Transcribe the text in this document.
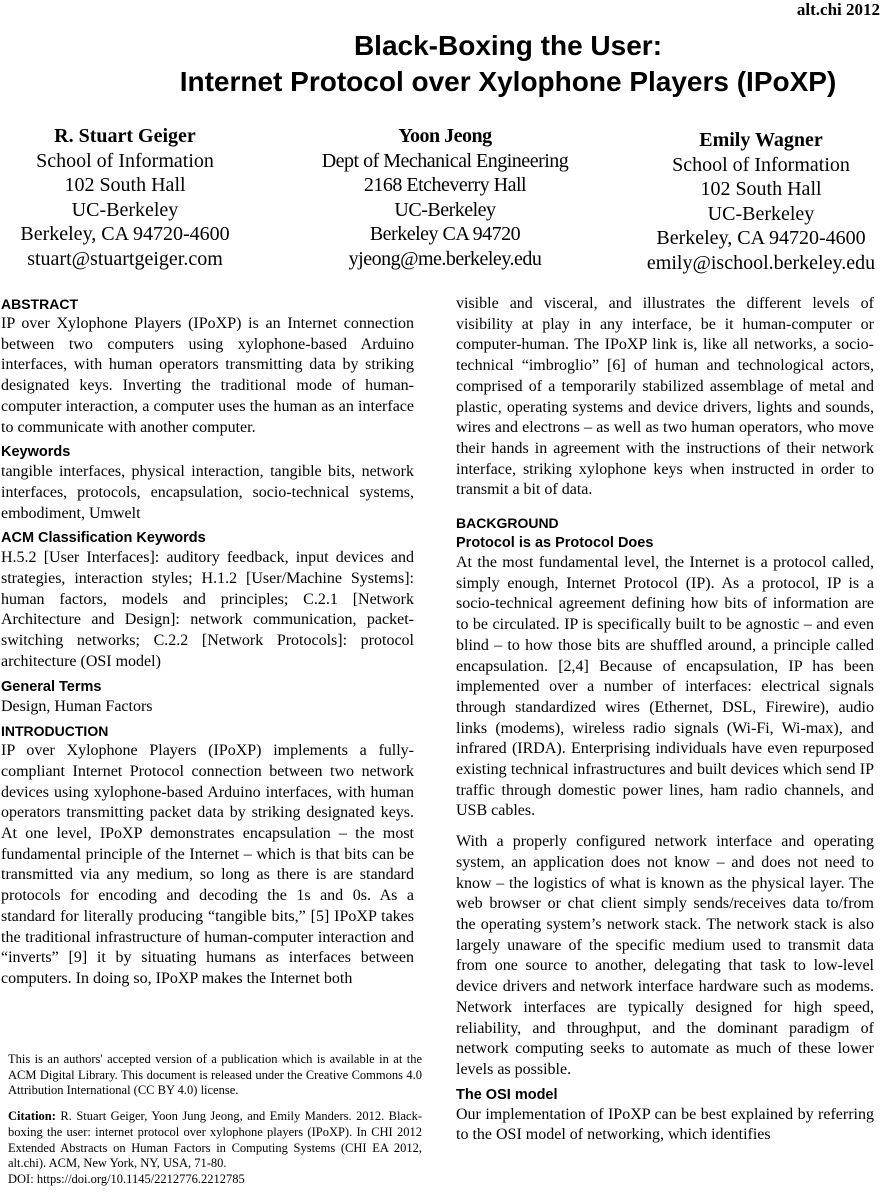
alt.chi 2012
Black-Boxing the User:
Internet Protocol over Xylophone Players (IPoXP)
R. Stuart Geiger
School of Information
102 South Hall
UC-Berkeley
Berkeley, CA 94720-4600
stuart@stuartgeiger.com
Yoon Jeong
Dept of Mechanical Engineering
2168 Etcheverry Hall
UC-Berkeley
Berkeley CA 94720
yjeong@me.berkeley.edu
Emily Wagner
School of Information
102 South Hall
UC-Berkeley
Berkeley, CA 94720-4600
emily@ischool.berkeley.edu
ABSTRACT

IP over Xylophone Players (IPoXP) is an Internet connection between two computers using xylophone-based Arduino interfaces, with human operators transmitting data by striking designated keys. Inverting the traditional mode of human-computer interaction, a computer uses the human as an interface to communicate with another computer.

Keywords

tangible interfaces, physical interaction, tangible bits, network interfaces, protocols, encapsulation, socio-technical systems, embodiment, Umwelt

ACM Classification Keywords

H.5.2 [User Interfaces]: auditory feedback, input devices and strategies, interaction styles; H.1.2 [User/Machine Systems]: human factors, models and principles; C.2.1 [Network Architecture and Design]: network communication, packet-switching networks; C.2.2 [Network Protocols]: protocol architecture (OSI model)

General Terms

Design, Human Factors

INTRODUCTION

IP over Xylophone Players (IPoXP) implements a fully-compliant Internet Protocol connection between two network devices using xylophone-based Arduino interfaces, with human operators transmitting packet data by striking designated keys. At one level, IPoXP demonstrates encapsulation – the most fundamental principle of the Internet – which is that bits can be transmitted via any medium, so long as there is are standard protocols for encoding and decoding the 1s and 0s. As a standard for literally producing “tangible bits,” [5] IPoXP takes the traditional infrastructure of human-computer interaction and “inverts” [9] it by situating humans as interfaces between computers. In doing so, IPoXP makes the Internet both

This is an authors' accepted version of a publication which is available in at the ACM Digital Library. This document is released under the Creative Commons 4.0 Attribution International (CC BY 4.0) license.

Citation: R. Stuart Geiger, Yoon Jung Jeong, and Emily Manders. 2012. Black-boxing the user: internet protocol over xylophone players (IPoXP). In CHI 2012 Extended Abstracts on Human Factors in Computing Systems (CHI EA 2012, alt.chi). ACM, New York, NY, USA, 71-80.

DOI: https://doi.org/10.1145/2212776.2212785

visible and visceral, and illustrates the different levels of visibility at play in any interface, be it human-computer or computer-human. The IPoXP link is, like all networks, a socio-technical “imbroglio” [6] of human and technological actors, comprised of a temporarily stabilized assemblage of metal and plastic, operating systems and device drivers, lights and sounds, wires and electrons – as well as two human operators, who move their hands in agreement with the instructions of their network interface, striking xylophone keys when instructed in order to transmit a bit of data.

BACKGROUND
Protocol is as Protocol Does

At the most fundamental level, the Internet is a protocol called, simply enough, Internet Protocol (IP). As a protocol, IP is a socio-technical agreement defining how bits of information are to be circulated. IP is specifically built to be agnostic – and even blind – to how those bits are shuffled around, a principle called encapsulation. [2,4] Because of encapsulation, IP has been implemented over a number of interfaces: electrical signals through standardized wires (Ethernet, DSL, Firewire), audio links (modems), wireless radio signals (Wi-Fi, Wi-max), and infrared (IRDA). Enterprising individuals have even repurposed existing technical infrastructures and built devices which send IP traffic through domestic power lines, ham radio channels, and USB cables.

With a properly configured network interface and operating system, an application does not know – and does not need to know – the logistics of what is known as the physical layer. The web browser or chat client simply sends/receives data to/from the operating system’s network stack. The network stack is also largely unaware of the specific medium used to transmit data from one source to another, delegating that task to low-level device drivers and network interface hardware such as modems. Network interfaces are typically designed for high speed, reliability, and throughput, and the dominant paradigm of network computing seeks to automate as much of these lower levels as possible.

The OSI model

Our implementation of IPoXP can be best explained by referring to the OSI model of networking, which identifies
